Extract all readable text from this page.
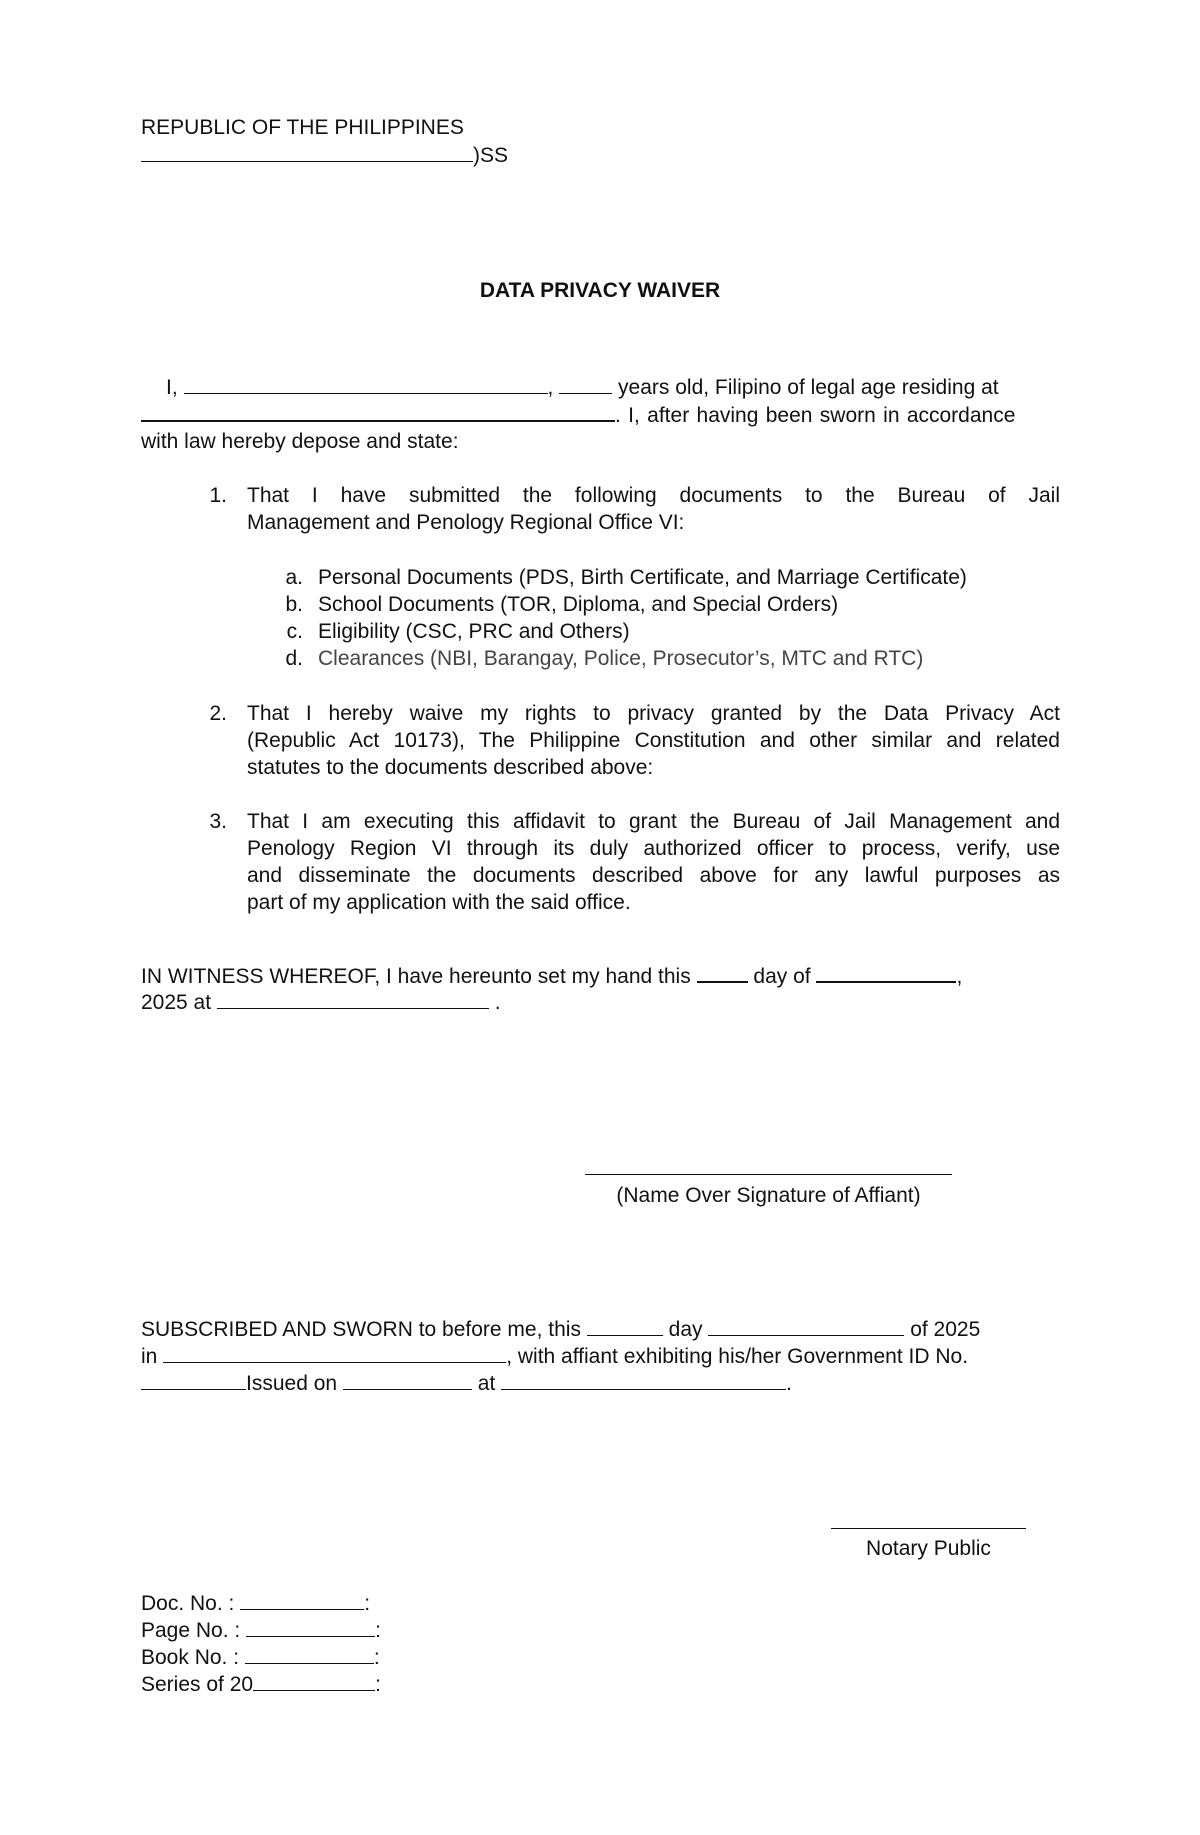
REPUBLIC OF THE PHILIPPINES
)SS
DATA PRIVACY WAIVER
I,	,	years old, Filipino of legal age residing at
. I, after having been sworn in accordance
with law hereby depose and state:
1. That I have submitted the following documents to the Bureau of Jail
Management and Penology Regional Office VI:
a. Personal Documents (PDS, Birth Certificate, and Marriage Certificate)
b. School Documents (TOR, Diploma, and Special Orders)
c. Eligibility (CSC, PRC and Others)
d. Clearances (NBI, Barangay, Police, Prosecutor’s, MTC and RTC)
2. That I hereby waive my rights to privacy granted by the Data Privacy Act
(Republic Act 10173), The Philippine Constitution and other similar and related
statutes to the documents described above:
3. That I am executing this affidavit to grant the Bureau of Jail Management and
Penology Region VI through its duly authorized officer to process, verify, use
and disseminate the documents described above for any lawful purposes as
part of my application with the said office.
IN WITNESS WHEREOF, I have hereunto set my hand this	day of	,
2025 at	.
(Name Over Signature of Affiant)
SUBSCRIBED AND SWORN to before me, this	day	of 2025
in	, with affiant exhibiting his/her Government ID No.
Issued on	at	.
Notary Public
Doc. No. :	:
Page No. :	:
Book No. :	:
Series of 20	:
